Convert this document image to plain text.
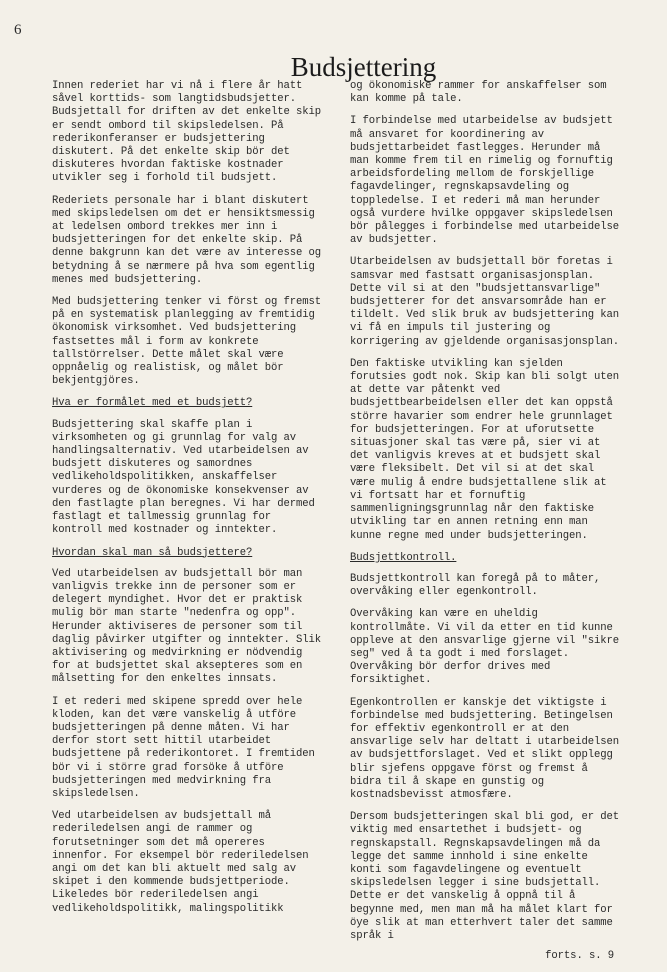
6
Budsjettering

Innen rederiet har vi nå i flere år hatt såvel korttids- som langtidsbudsjetter. Budsjettall for driften av det enkelte skip er sendt ombord til skipsledelsen. På rederikonferanser er budsjettering diskutert. På det enkelte skip bör det diskuteres hvordan faktiske kostnader utvikler seg i forhold til budsjett.

Rederiets personale har i blant diskutert med skipsledelsen om det er hensiktsmessig at ledelsen ombord trekkes mer inn i budsjetteringen for det enkelte skip. På denne bakgrunn kan det være av interesse og betydning å se nærmere på hva som egentlig menes med budsjettering.

Med budsjettering tenker vi först og fremst på en systematisk planlegging av fremtidig ökonomisk virksomhet. Ved budsjettering fastsettes mål i form av konkrete tallstörrelser. Dette målet skal være oppnåelig og realistisk, og målet bör bekjentgjöres.

Hva er formålet med et budsjett?

Budsjettering skal skaffe plan i virksomheten og gi grunnlag for valg av handlingsalternativ. Ved utarbeidelsen av budsjett diskuteres og samordnes vedlikeholdspolitikken, anskaffelser vurderes og de ökonomiske konsekvenser av den fastlagte plan beregnes. Vi har dermed fastlagt et tallmessig grunnlag for kontroll med kostnader og inntekter.

Hvordan skal man så budsjettere?

Ved utarbeidelsen av budsjettall bör man vanligvis trekke inn de personer som er delegert myndighet. Hvor det er praktisk mulig bör man starte "nedenfra og opp". Herunder aktiviseres de personer som til daglig påvirker utgifter og inntekter. Slik aktivisering og medvirkning er nödvendig for at budsjettet skal aksepteres som en målsetting for den enkeltes innsats.

I et rederi med skipene spredd over hele kloden, kan det være vanskelig å utföre budsjetteringen på denne måten. Vi har derfor stort sett hittil utarbeidet budsjettene på rederikontoret. I fremtiden bör vi i större grad forsöke å utföre budsjetteringen med medvirkning fra skipsledelsen.

Ved utarbeidelsen av budsjettall må rederiledelsen angi de rammer og forutsetninger som det må opereres innenfor. For eksempel bör rederiledelsen angi om det kan bli aktuelt med salg av skipet i den kommende budsjettperiode. Likeledes bör rederiledelsen angi vedlikeholdspolitikk, malingspolitikk

og ökonomiske rammer for anskaffelser som kan komme på tale.

I forbindelse med utarbeidelse av budsjett må ansvaret for koordinering av budsjettarbeidet fastlegges. Herunder må man komme frem til en rimelig og fornuftig arbeidsfordeling mellom de forskjellige fagavdelinger, regnskapsavdeling og toppledelse. I et rederi må man herunder også vurdere hvilke oppgaver skipsledelsen bör pålegges i forbindelse med utarbeidelse av budsjetter.

Utarbeidelsen av budsjettall bör foretas i samsvar med fastsatt organisasjonsplan. Dette vil si at den "budsjettansvarlige" budsjetterer for det ansvarsområde han er tildelt. Ved slik bruk av budsjettering kan vi få en impuls til justering og korrigering av gjeldende organisasjonsplan.

Den faktiske utvikling kan sjelden forutsies godt nok. Skip kan bli solgt uten at dette var påtenkt ved budsjettbearbeidelsen eller det kan oppstå större havarier som endrer hele grunnlaget for budsjetteringen. For at uforutsette situasjoner skal tas være på, sier vi at det vanligvis kreves at et budsjett skal være fleksibelt. Det vil si at det skal være mulig å endre budsjettallene slik at vi fortsatt har et fornuftig sammenligningsgrunnlag når den faktiske utvikling tar en annen retning enn man kunne regne med under budsjetteringen.

Budsjettkontroll.

Budsjettkontroll kan foregå på to måter, overvåking eller egenkontroll.

Overvåking kan være en uheldig kontrollmåte. Vi vil da etter en tid kunne oppleve at den ansvarlige gjerne vil "sikre seg" ved å ta godt i med forslaget. Overvåking bör derfor drives med forsiktighet.

Egenkontrollen er kanskje det viktigste i forbindelse med budsjettering. Betingelsen for effektiv egenkontroll er at den ansvarlige selv har deltatt i utarbeidelsen av budsjettforslaget. Ved et slikt opplegg blir sjefens oppgave först og fremst å bidra til å skape en gunstig og kostnadsbevisst atmosfære.

Dersom budsjetteringen skal bli god, er det viktig med ensartethet i budsjett- og regnskapstall. Regnskapsavdelingen må da legge det samme innhold i sine enkelte konti som fagavdelingene og eventuelt skipsledelsen legger i sine budsjettall. Dette er det vanskelig å oppnå til å begynne med, men man må ha målet klart for öye slik at man etterhvert taler det samme språk i

forts. s. 9
